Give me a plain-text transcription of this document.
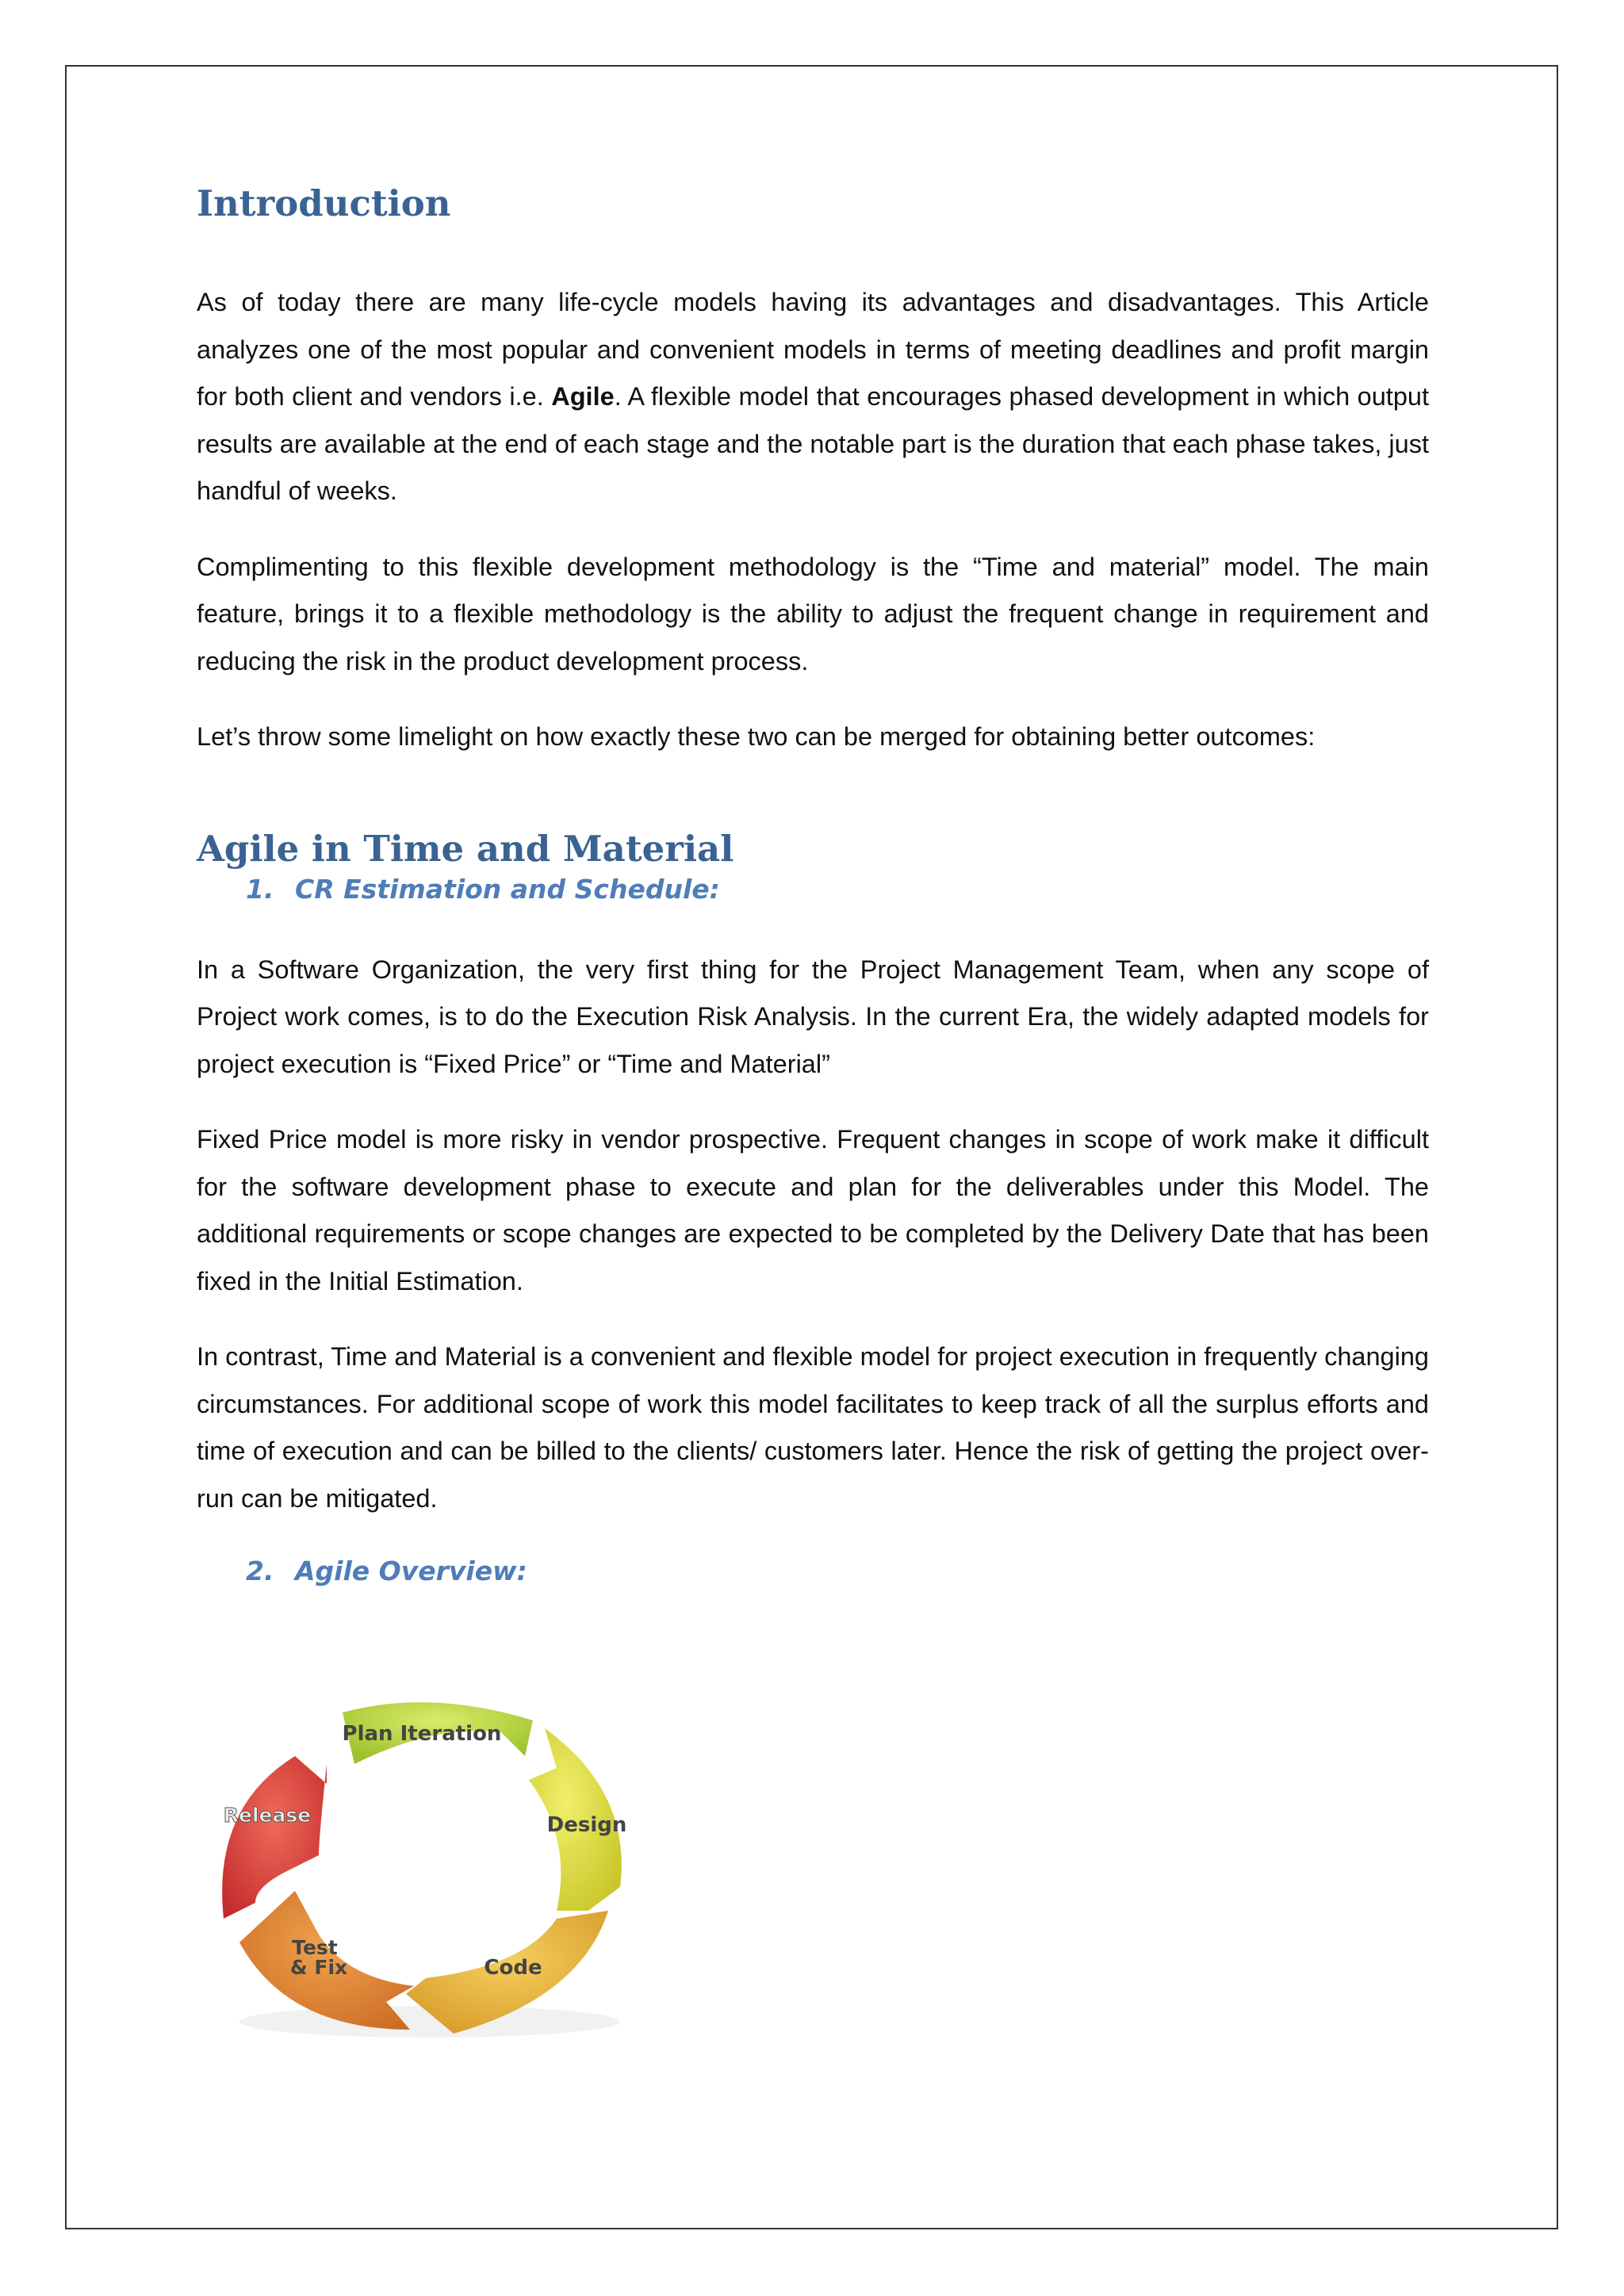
Introduction

As of today there are many life-cycle models having its advantages and disadvantages. This Article analyzes one of the most popular and convenient models in terms of meeting deadlines and profit margin for both client and vendors i.e. Agile. A flexible model that encourages phased development in which output results are available at the end of each stage and the notable part is the duration that each phase takes, just handful of weeks.

Complimenting to this flexible development methodology is the “Time and material” model. The main feature, brings it to a flexible methodology is the ability to adjust the frequent change in requirement and reducing the risk in the product development process.

Let’s throw some limelight on how exactly these two can be merged for obtaining better outcomes:

Agile in Time and Material
1. CR Estimation and Schedule:

In a Software Organization, the very first thing for the Project Management Team, when any scope of Project work comes, is to do the Execution Risk Analysis. In the current Era, the widely adapted models for project execution is “Fixed Price” or “Time and Material”

Fixed Price model is more risky in vendor prospective. Frequent changes in scope of work make it difficult for the software development phase to execute and plan for the deliverables under this Model. The additional requirements or scope changes are expected to be completed by the Delivery Date that has been fixed in the Initial Estimation.

In contrast, Time and Material is a convenient and flexible model for project execution in frequently changing circumstances. For additional scope of work this model facilitates to keep track of all the surplus efforts and time of execution and can be billed to the clients/ customers later. Hence the risk of getting the project over-run can be mitigated.

2. Agile Overview:
Plan Iteration
Design
Code
Test
& Fix
Release
